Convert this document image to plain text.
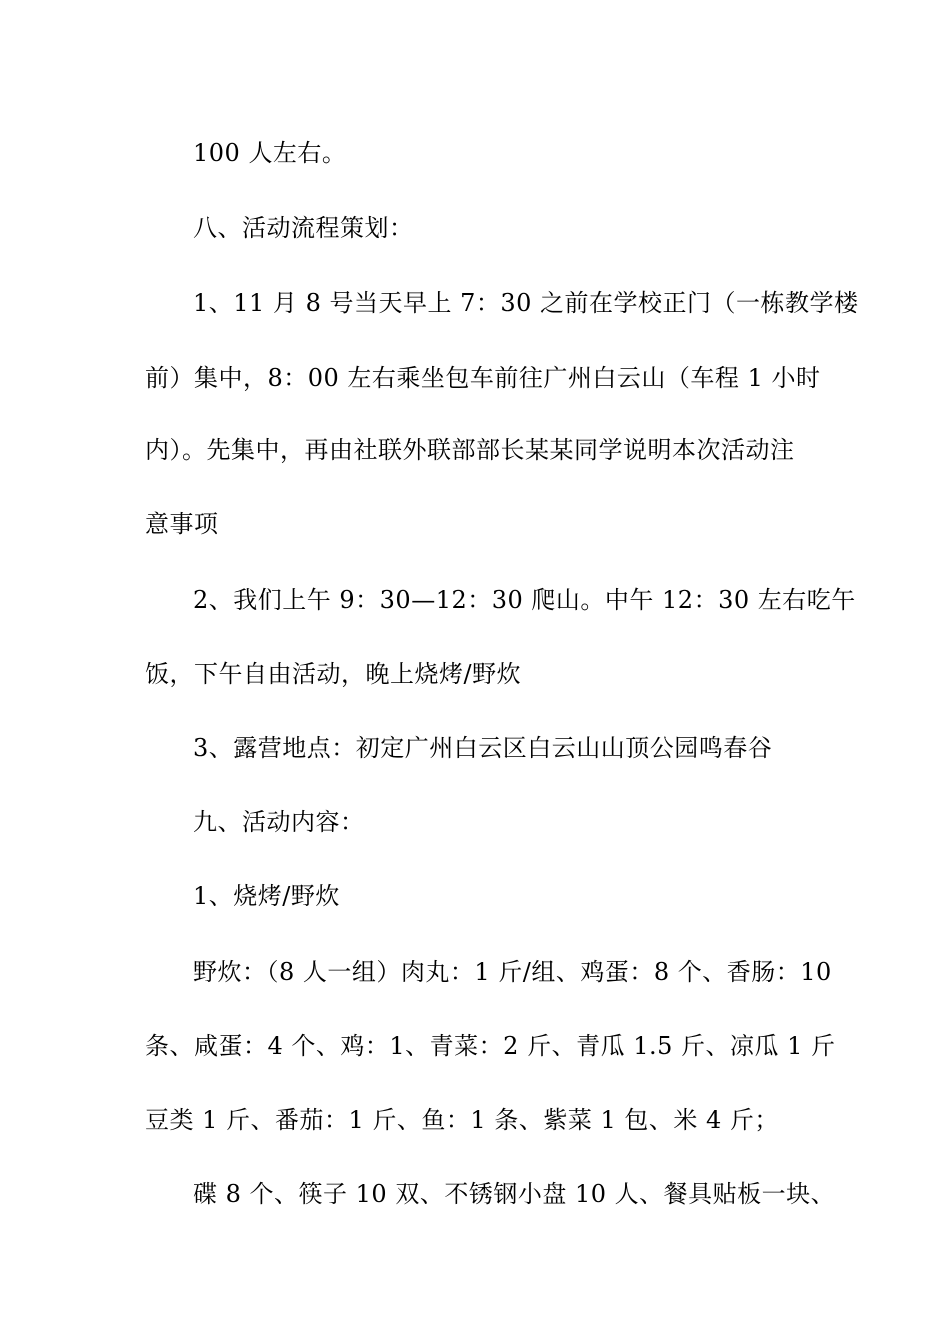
100 人左右。
八、活动流程策划：
1、11 月 8 号当天早上 7：30 之前在学校正门（一栋教学楼
前）集中，8：00 左右乘坐包车前往广州白云山（车程 1 小时
内）。先集中，再由社联外联部部长某某同学说明本次活动注
意事项
2、我们上午 9：30—12：30 爬山。中午 12：30 左右吃午
饭，下午自由活动，晚上烧烤/野炊
3、露营地点：初定广州白云区白云山山顶公园鸣春谷
九、活动内容：
1、烧烤/野炊
野炊：（8 人一组）肉丸：1 斤/组、鸡蛋：8 个、香肠：10
条、咸蛋：4 个、鸡：1、青菜：2 斤、青瓜 1.5 斤、凉瓜 1 斤
豆类 1 斤、番茄：1 斤、鱼：1 条、紫菜 1 包、米 4 斤；
碟 8 个、筷子 10 双、不锈钢小盘 10 人、餐具贴板一块、
